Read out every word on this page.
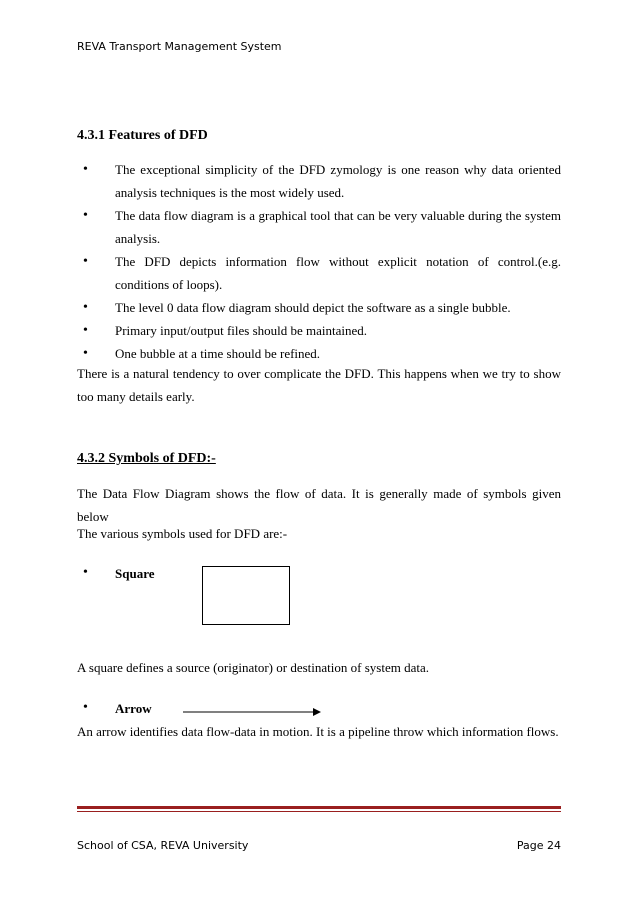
REVA Transport Management System
4.3.1 Features of DFD
• The exceptional simplicity of the DFD zymology is one reason why data oriented analysis techniques is the most widely used.
• The data flow diagram is a graphical tool that can be very valuable during the system analysis.
• The DFD depicts information flow without explicit notation of control.(e.g. conditions of loops).
• The level 0 data flow diagram should depict the software as a single bubble.
• Primary input/output files should be maintained.
• One bubble at a time should be refined.

There is a natural tendency to over complicate the DFD. This happens when we try to show too many details early.

4.3.2 Symbols of DFD:-

The Data Flow Diagram shows the flow of data. It is generally made of symbols given below

The various symbols used for DFD are:-

• Square

A square defines a source (originator) or destination of system data.

• Arrow

An arrow identifies data flow-data in motion. It is a pipeline throw which information flows.

School of CSA, REVA University	Page 24
